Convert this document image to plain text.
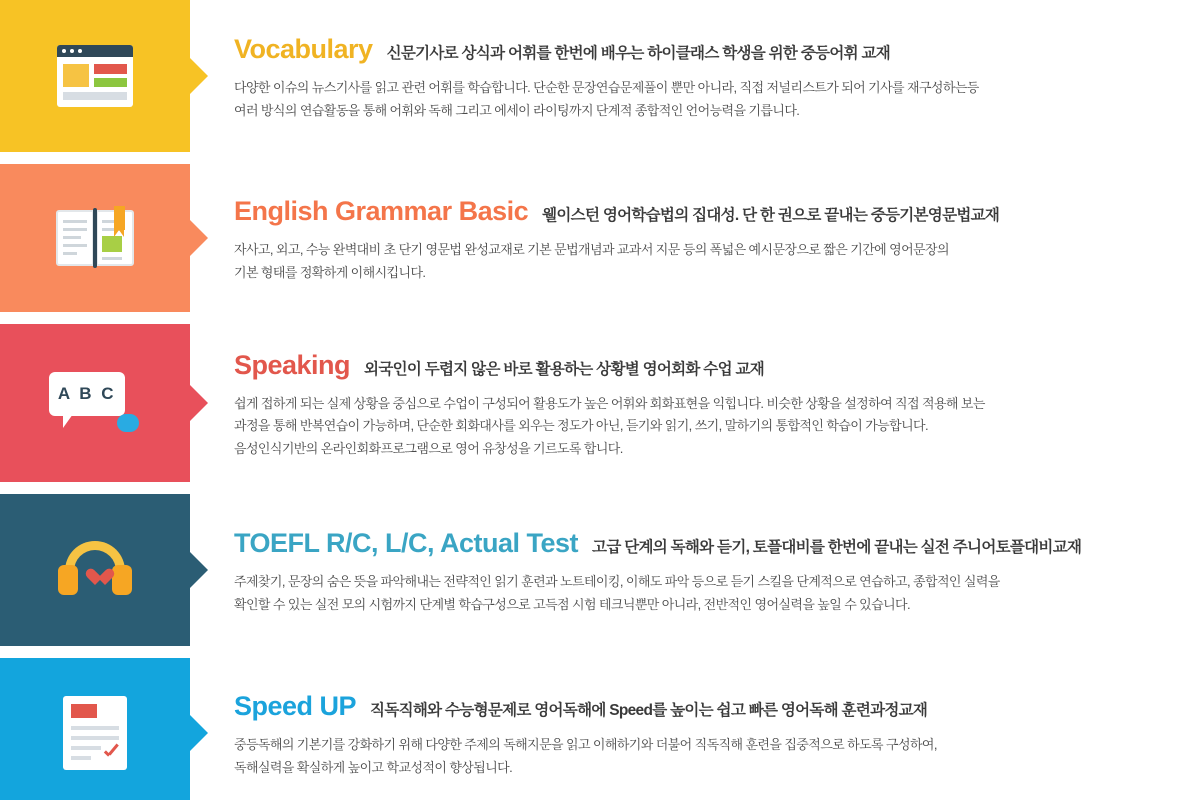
Vocabulary 신문기사로 상식과 어휘를 한번에 배우는 하이클래스 학생을 위한 중등어휘 교재
다양한 이슈의 뉴스기사를 읽고 관련 어휘를 학습합니다. 단순한 문장연습문제풀이 뿐만 아니라, 직접 저널리스트가 되어 기사를 재구성하는등
여러 방식의 연습활동을 통해 어휘와 독해 그리고 에세이 라이팅까지 단계적 종합적인 언어능력을 기릅니다.
English Grammar Basic 웰이스턴 영어학습법의 집대성. 단 한 권으로 끝내는 중등기본영문법교재
자사고, 외고, 수능 완벽대비 초 단기 영문법 완성교재로 기본 문법개념과 교과서 지문 등의 폭넓은 예시문장으로 짧은 기간에 영어문장의
기본 형태를 정확하게 이해시킵니다.
A B C
Speaking 외국인이 두렵지 않은 바로 활용하는 상황별 영어회화 수업 교재
쉽게 접하게 되는 실제 상황을 중심으로 수업이 구성되어 활용도가 높은 어휘와 회화표현을 익힙니다. 비슷한 상황을 설정하여 직접 적용해 보는
과정을 통해 반복연습이 가능하며, 단순한 회화대사를 외우는 정도가 아닌, 듣기와 읽기, 쓰기, 말하기의 통합적인 학습이 가능합니다.
음성인식기반의 온라인회화프로그램으로 영어 유창성을 기르도록 합니다.
TOEFL R/C, L/C, Actual Test 고급 단계의 독해와 듣기, 토플대비를 한번에 끝내는 실전 주니어토플대비교재
주제찾기, 문장의 숨은 뜻을 파악해내는 전략적인 읽기 훈련과 노트테이킹, 이해도 파악 등으로 듣기 스킬을 단계적으로 연습하고, 종합적인 실력을
확인할 수 있는 실전 모의 시험까지 단계별 학습구성으로 고득점 시험 테크닉뿐만 아니라, 전반적인 영어실력을 높일 수 있습니다.
Speed UP 직독직해와 수능형문제로 영어독해에 Speed를 높이는 쉽고 빠른 영어독해 훈련과정교재
중등독해의 기본기를 강화하기 위해 다양한 주제의 독해지문을 읽고 이해하기와 더불어 직독직해 훈련을 집중적으로 하도록 구성하여,
독해실력을 확실하게 높이고 학교성적이 향상됩니다.
